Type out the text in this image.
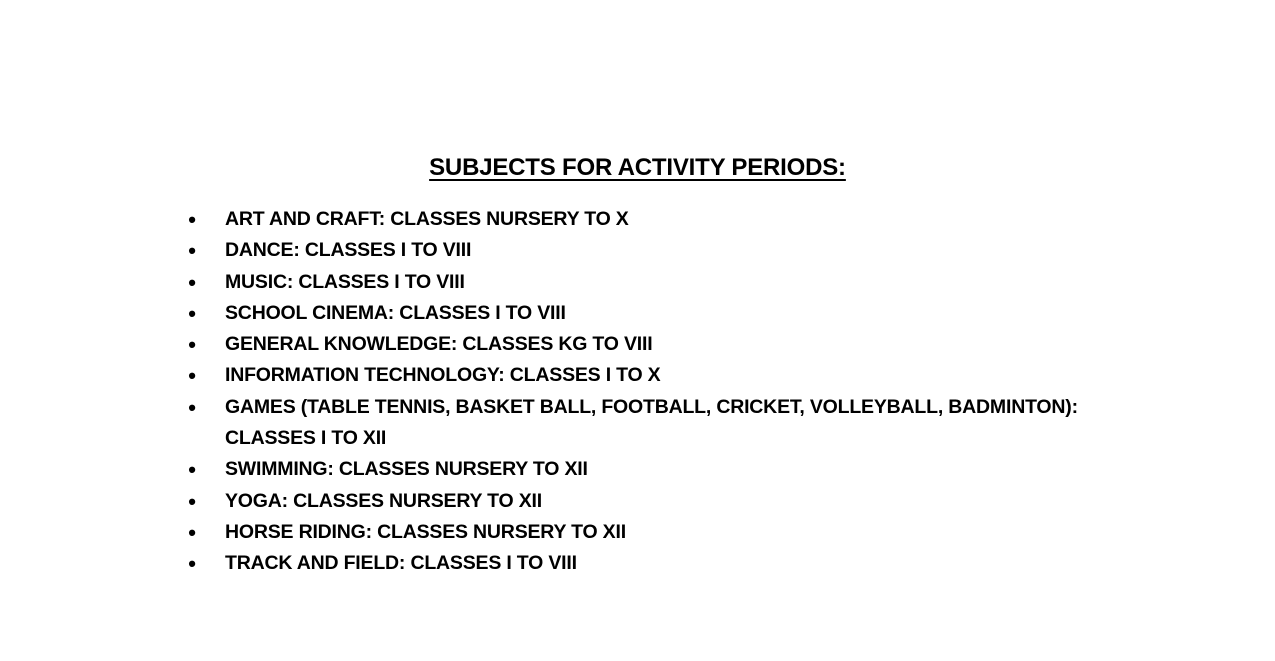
SUBJECTS FOR ACTIVITY PERIODS:
• ART AND CRAFT: CLASSES NURSERY TO X
• DANCE: CLASSES I TO VIII
• MUSIC: CLASSES I TO VIII
• SCHOOL CINEMA: CLASSES I TO VIII
• GENERAL KNOWLEDGE: CLASSES KG TO VIII
• INFORMATION TECHNOLOGY: CLASSES I TO X
• GAMES (TABLE TENNIS, BASKET BALL, FOOTBALL, CRICKET, VOLLEYBALL, BADMINTON): CLASSES I TO XII
• SWIMMING: CLASSES NURSERY TO XII
• YOGA: CLASSES NURSERY TO XII
• HORSE RIDING: CLASSES NURSERY TO XII
• TRACK AND FIELD: CLASSES I TO VIII
